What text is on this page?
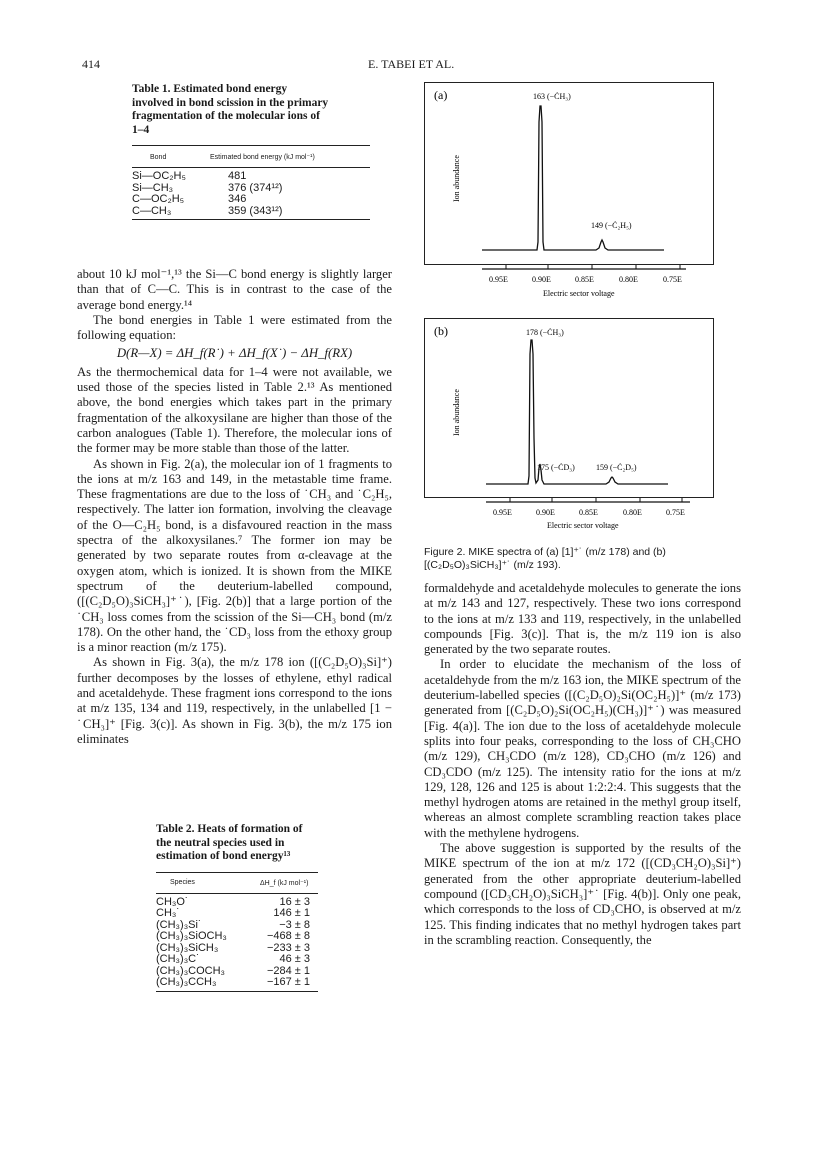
414	E. TABEI ET AL.
Table 1. Estimated bond energy involved in bond scission in the primary fragmentation of the molecular ions of 1–4
Bond	Estimated bond energy (kJ mol⁻¹)
Si—OC₂H₅	481
Si—CH₃	376 (374¹²)
C—OC₂H₅	346
C—CH₃	359 (343¹²)

about 10 kJ mol⁻¹,¹³ the Si—C bond energy is slightly larger than that of C—C. This is in contrast to the case of the average bond energy.¹⁴

The bond energies in Table 1 were estimated from the following equation:

D(R—X) = ΔH_f(R˙) + ΔH_f(X˙) − ΔH_f(RX)

As the thermochemical data for 1–4 were not available, we used those of the species listed in Table 2.¹³ As mentioned above, the bond energies which takes part in the primary fragmentation of the alkoxysilane are higher than those of the carbon analogues (Table 1). Therefore, the molecular ions of the former may be more stable than those of the latter.

As shown in Fig. 2(a), the molecular ion of 1 fragments to the ions at m/z 163 and 149, in the metastable time frame. These fragmentations are due to the loss of ˙CH₃ and ˙C₂H₅, respectively. The latter ion formation, involving the cleavage of the O—C₂H₅ bond, is a disfavoured reaction in the mass spectra of the alkoxysilanes.⁷ The former ion may be generated by two separate routes from α-cleavage at the oxygen atom, which is ionized. It is shown from the MIKE spectrum of the deuterium-labelled compound, ([(C₂D₅O)₃SiCH₃]⁺˙), [Fig. 2(b)] that a large portion of the ˙CH₃ loss comes from the scission of the Si—CH₃ bond (m/z 178). On the other hand, the ˙CD₃ loss from the ethoxy group is a minor reaction (m/z 175).

As shown in Fig. 3(a), the m/z 178 ion ([(C₂D₅O)₃Si]⁺) further decomposes by the losses of ethylene, ethyl radical and acetaldehyde. These fragment ions correspond to the ions at m/z 135, 134 and 119, respectively, in the unlabelled [1 − ˙CH₃]⁺ [Fig. 3(c)]. As shown in Fig. 3(b), the m/z 175 ion eliminates

Table 2. Heats of formation of the neutral species used in estimation of bond energy¹³
Species	ΔH_f (kJ mol⁻¹)
CH₃O˙	16 ± 3
CH₃˙	146 ± 1
(CH₃)₃Si˙	−3 ± 8
(CH₃)₃SiOCH₃	−468 ± 8
(CH₃)₃SiCH₃	−233 ± 3
(CH₃)₃C˙	46 ± 3
(CH₃)₃COCH₃	−284 ± 1
(CH₃)₃CCH₃	−167 ± 1
(a)
Ion abundance
163 (−ĊH₃)
149 (−Ċ₂H₅)
0.95E	0.90E	0.85E	0.80E	0.75E
Electric sector voltage
(b)
Ion abundance
178 (−ĊH₃)
175 (−ĊD₃)	159 (−Ċ₂D₅)
0.95E	0.90E	0.85E	0.80E	0.75E
Electric sector voltage
Figure 2. MIKE spectra of (a) [1]⁺˙ (m/z 178) and (b) [(C₂D₅O)₃SiCH₃]⁺˙ (m/z 193).

formaldehyde and acetaldehyde molecules to generate the ions at m/z 143 and 127, respectively. These two ions correspond to the ions at m/z 133 and 119, respectively, in the unlabelled compounds [Fig. 3(c)]. That is, the m/z 119 ion is also generated by the two separate routes.

In order to elucidate the mechanism of the loss of acetaldehyde from the m/z 163 ion, the MIKE spectrum of the deuterium-labelled species ([(C₂D₅O)₂Si(OC₂H₅)]⁺ (m/z 173) generated from [(C₂D₅O)₂Si(OC₂H₅)(CH₃)]⁺˙) was measured [Fig. 4(a)]. The ion due to the loss of acetaldehyde molecule splits into four peaks, corresponding to the loss of CH₃CHO (m/z 129), CH₃CDO (m/z 128), CD₃CHO (m/z 126) and CD₃CDO (m/z 125). The intensity ratio for the ions at m/z 129, 128, 126 and 125 is about 1:2:2:4. This suggests that the methyl hydrogen atoms are retained in the methyl group itself, whereas an almost complete scrambling reaction takes place with the methylene hydrogens.

The above suggestion is supported by the results of the MIKE spectrum of the ion at m/z 172 ([(CD₃CH₂O)₃Si]⁺) generated from the other appropriate deuterium-labelled compound ([CD₃CH₂O)₃SiCH₃]⁺˙ [Fig. 4(b)]. Only one peak, which corresponds to the loss of CD₃CHO, is observed at m/z 125. This finding indicates that no methyl hydrogen takes part in the scrambling reaction. Consequently, the
